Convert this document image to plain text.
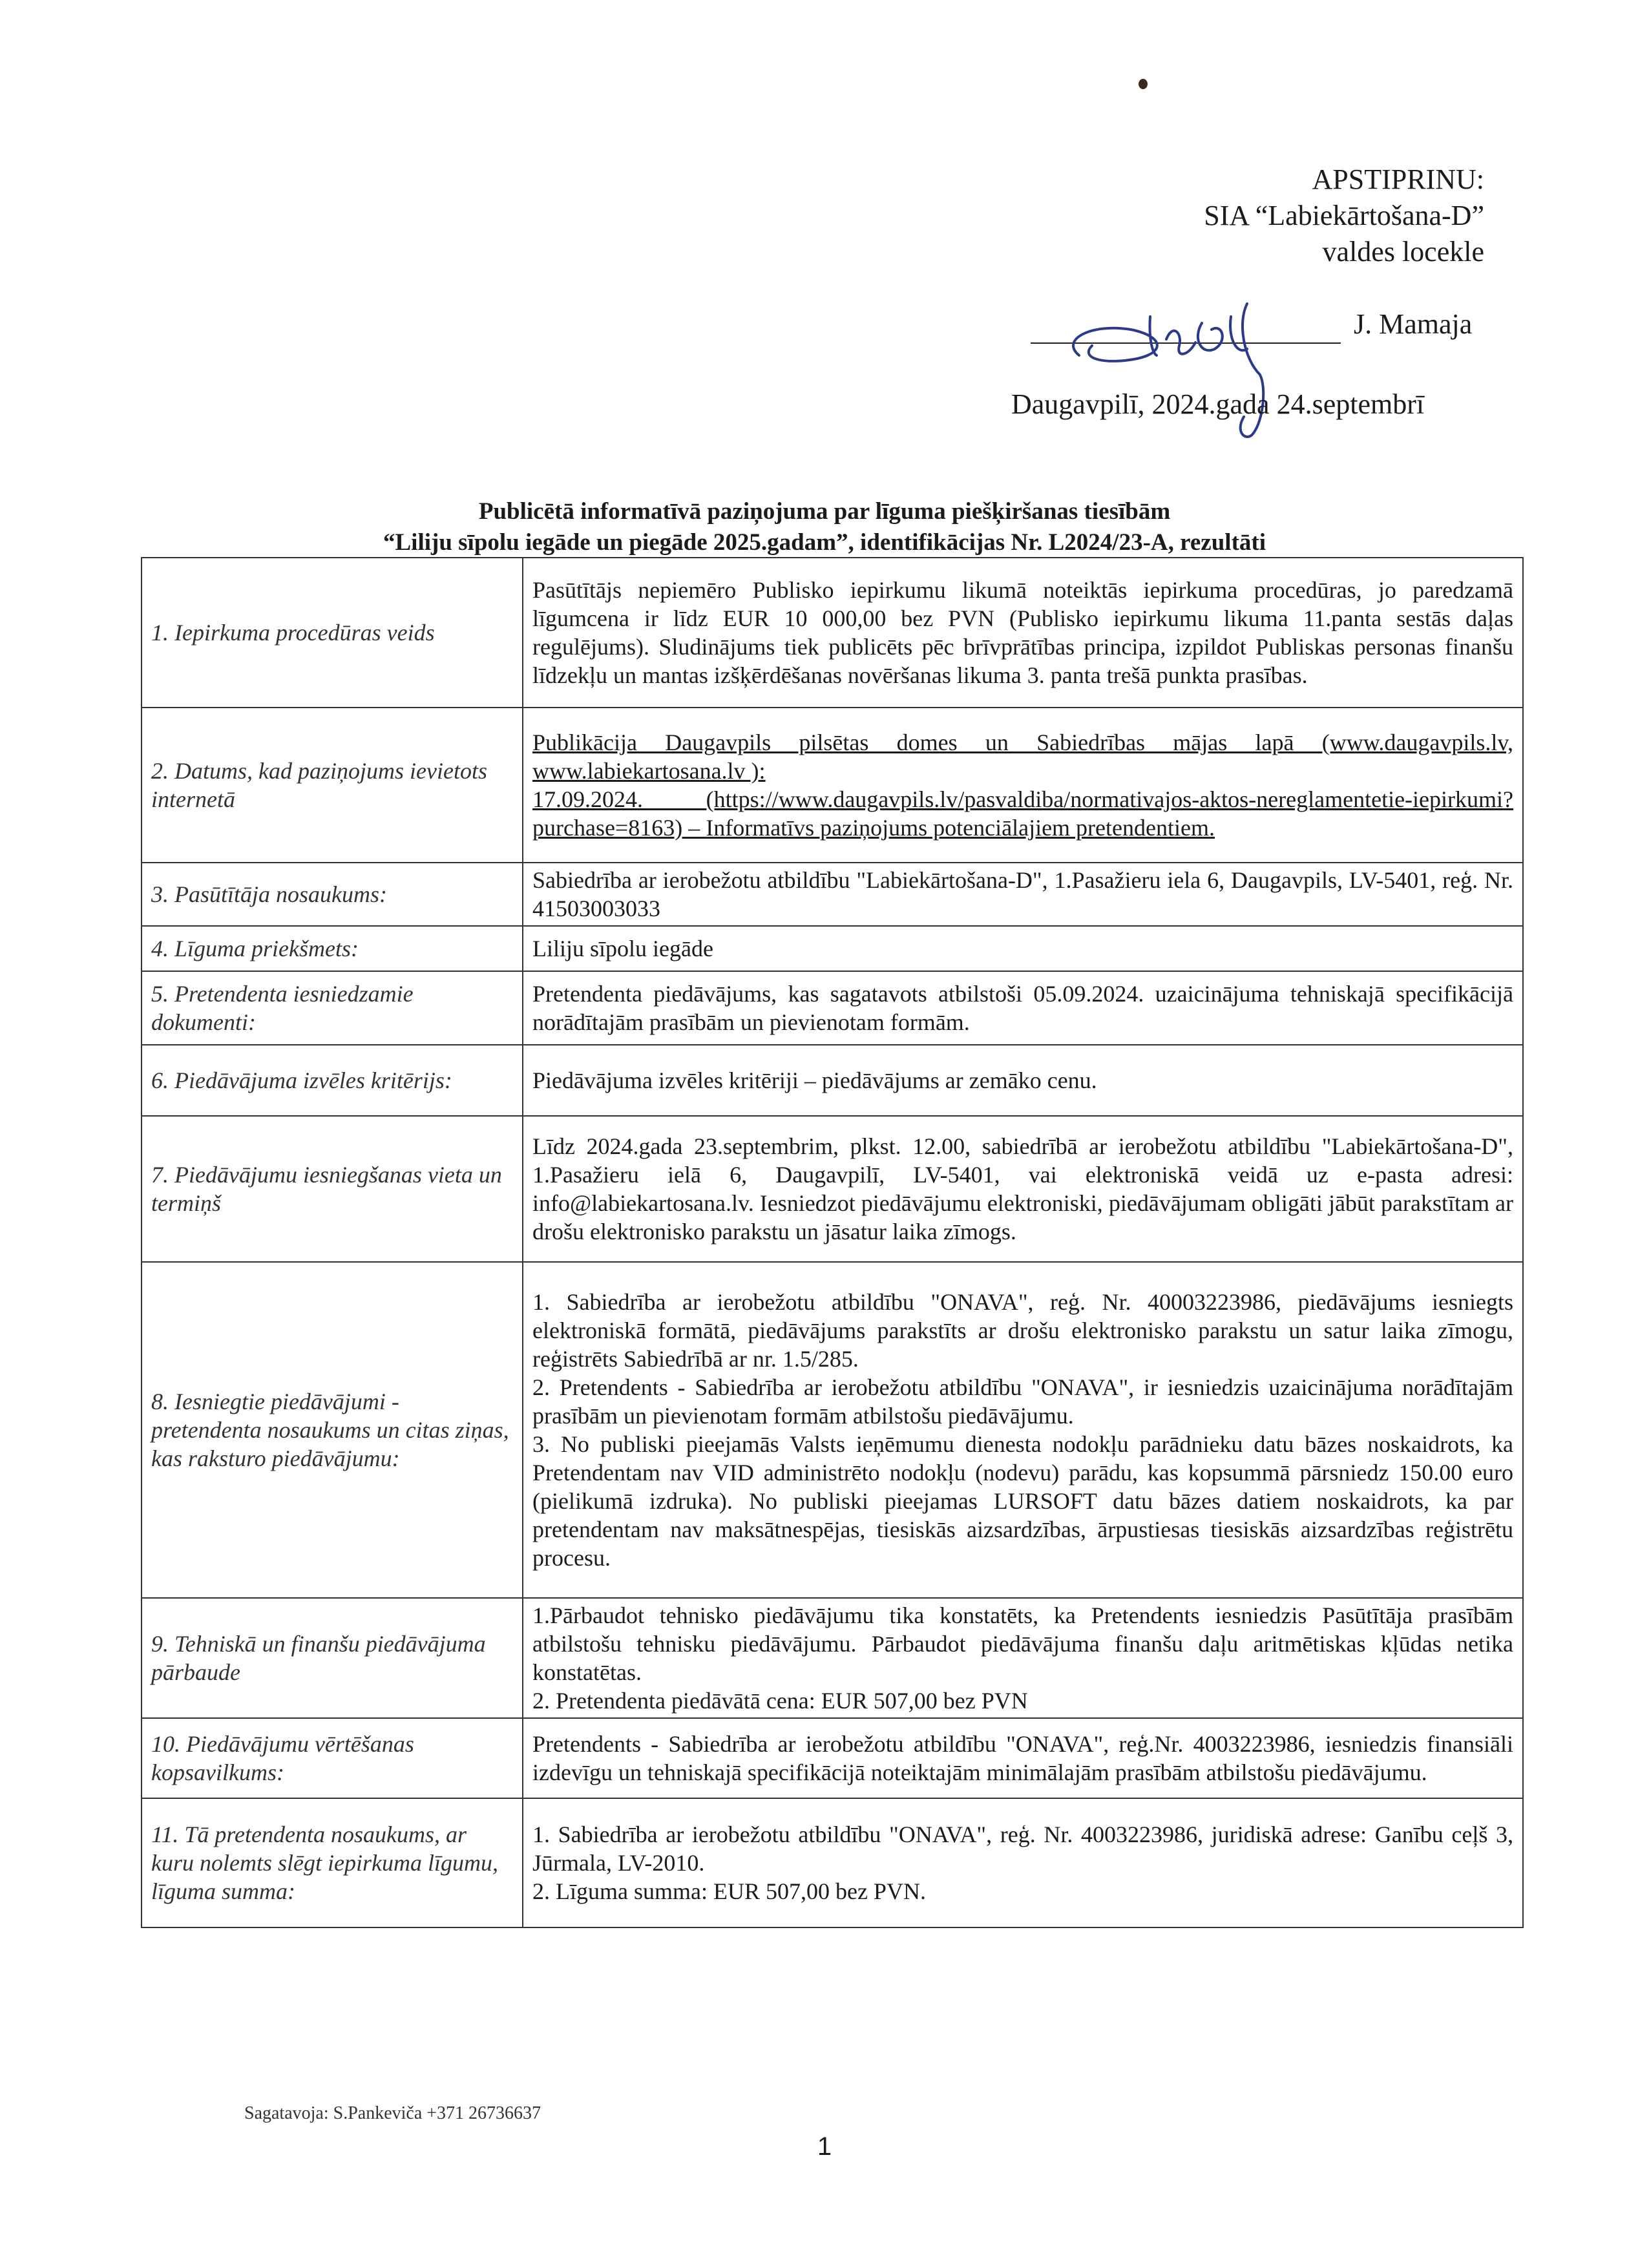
APSTIPRINU:
SIA “Labiekārtošana-D”
valdes locekle
J. Mamaja
Daugavpilī, 2024.gada 24.septembrī
Publicētā informatīvā paziņojuma par līguma piešķiršanas tiesībām
“Liliju sīpolu iegāde un piegāde 2025.gadam”, identifikācijas Nr. L2024/23-A, rezultāti
1. Iepirkuma procedūras veids	Pasūtītājs nepiemēro Publisko iepirkumu likumā noteiktās iepirkuma procedūras, jo paredzamā līgumcena ir līdz EUR 10 000,00 bez PVN (Publisko iepirkumu likuma 11.panta sestās daļas regulējums). Sludinājums tiek publicēts pēc brīvprātības principa, izpildot Publiskas personas finanšu līdzekļu un mantas izšķērdēšanas novēršanas likuma 3. panta trešā punkta prasības.

2. Datums, kad paziņojums ievietots internetā	Publikācija Daugavpils pilsētas domes un Sabiedrības mājas lapā (www.daugavpils.lv, www.labiekartosana.lv ):

17.09.2024. (https://www.daugavpils.lv/pasvaldiba/normativajos-aktos-nereglamentetie-iepirkumi?purchase=8163) – Informatīvs paziņojums potenciālajiem pretendentiem.

3. Pasūtītāja nosaukums:	Sabiedrība ar ierobežotu atbildību "Labiekārtošana-D", 1.Pasažieru iela 6, Daugavpils, LV-5401, reģ. Nr. 41503003033

4. Līguma priekšmets:	Liliju sīpolu iegāde

5. Pretendenta iesniedzamie dokumenti:	Pretendenta piedāvājums, kas sagatavots atbilstoši 05.09.2024. uzaicinājuma tehniskajā specifikācijā norādītajām prasībām un pievienotam formām.

6. Piedāvājuma izvēles kritērijs:	Piedāvājuma izvēles kritēriji – piedāvājums ar zemāko cenu.

7. Piedāvājumu iesniegšanas vieta un termiņš	Līdz 2024.gada 23.septembrim, plkst. 12.00, sabiedrībā ar ierobežotu atbildību "Labiekārtošana-D", 1.Pasažieru ielā 6, Daugavpilī, LV-5401, vai elektroniskā veidā uz e-pasta adresi: info@labiekartosana.lv. Iesniedzot piedāvājumu elektroniski, piedāvājumam obligāti jābūt parakstītam ar drošu elektronisko parakstu un jāsatur laika zīmogs.

8. Iesniegtie piedāvājumi - pretendenta nosaukums un citas ziņas, kas raksturo piedāvājumu:	1. Sabiedrība ar ierobežotu atbildību "ONAVA", reģ. Nr. 40003223986, piedāvājums iesniegts elektroniskā formātā, piedāvājums parakstīts ar drošu elektronisko parakstu un satur laika zīmogu, reģistrēts Sabiedrībā ar nr. 1.5/285.

2. Pretendents - Sabiedrība ar ierobežotu atbildību "ONAVA", ir iesniedzis uzaicinājuma norādītajām prasībām un pievienotam formām atbilstošu piedāvājumu.

3. No publiski pieejamās Valsts ieņēmumu dienesta nodokļu parādnieku datu bāzes noskaidrots, ka Pretendentam nav VID administrēto nodokļu (nodevu) parādu, kas kopsummā pārsniedz 150.00 euro (pielikumā izdruka). No publiski pieejamas LURSOFT datu bāzes datiem noskaidrots, ka par pretendentam nav maksātnespējas, tiesiskās aizsardzības, ārpustiesas tiesiskās aizsardzības reģistrētu procesu.

9. Tehniskā un finanšu piedāvājuma pārbaude	1.Pārbaudot tehnisko piedāvājumu tika konstatēts, ka Pretendents iesniedzis Pasūtītāja prasībām atbilstošu tehnisku piedāvājumu. Pārbaudot piedāvājuma finanšu daļu aritmētiskas kļūdas netika konstatētas.

2. Pretendenta piedāvātā cena: EUR 507,00 bez PVN

10. Piedāvājumu vērtēšanas kopsavilkums:	Pretendents - Sabiedrība ar ierobežotu atbildību "ONAVA", reģ.Nr. 4003223986, iesniedzis finansiāli izdevīgu un tehniskajā specifikācijā noteiktajām minimālajām prasībām atbilstošu piedāvājumu.

11. Tā pretendenta nosaukums, ar kuru nolemts slēgt iepirkuma līgumu, līguma summa:	1. Sabiedrība ar ierobežotu atbildību "ONAVA", reģ. Nr. 4003223986, juridiskā adrese: Ganību ceļš 3, Jūrmala, LV-2010.

2. Līguma summa: EUR 507,00 bez PVN.

Sagatavoja: S.Pankeviča +371 26736637
1
